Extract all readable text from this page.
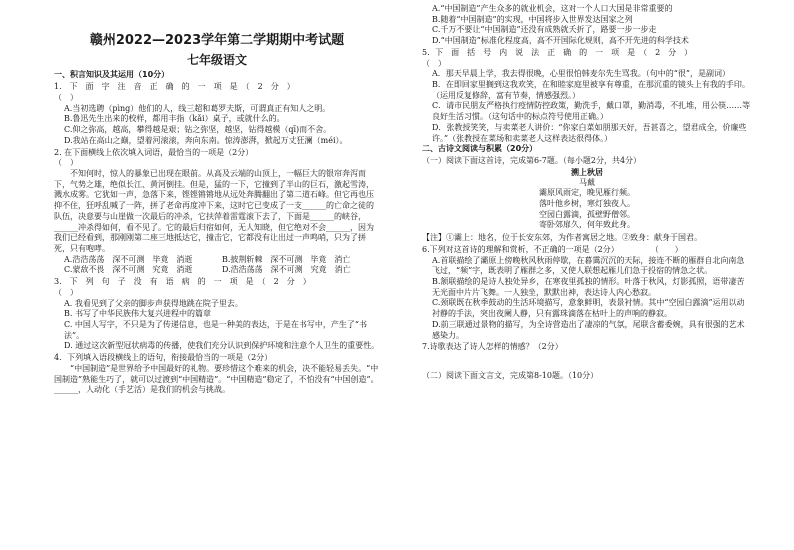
赣州2022—2023学年第二学期期中考试题
七年级语文

一、积言知识及其运用（10分）

1.　下　面　字　注　音　正　确　的　一　项　是　（　2　分　）

（　）

A.当初选聘（pìng）他们的人，线三超和葛罗夫斯，可谓真正有知人之明。

B.鲁迅先生出来的校样，都用丰指（kǎi）桌子，或就什么的。

C.仰之弥高，越高，攀得越是艰；钻之弥坚，越坚，钻得越模（qī)而不舍。

D.我站在高山之巅，望着河滚滚，奔向东南。惊涛澎湃，掀起万丈狂澜（méi）。

2. 在下面横线上依次填入词语，最恰当的一项是（2分）

（　）

不知何时，惊人的暴象已出现在眼前。从高及云端的山顶上，一幅巨大的银帘奔泻而下，气势之雄，绝似长江、黄河倒挂。但是，猛的一下，它撞到了半山的巨石，激起雪涛，溅水成雾。它犹如一声，急落下来，铿铿锵锵地从远处奔腾翻出了第二道石峰。但它再也压抑不住，狂呼乱喊了一阵，拼了老命再度冲下来，这时它已变成了一支______的亡命之徒的队伍，决意要与山崖做一次最后的冲杀，它扶萍着雷霆滚下去了，下面是______的峡谷，______冲杀得如何，看不见了。它的最后归宿如何，无人知晓，但它绝对不会______，因为我们已经看到，那刚刚第二座三地抵达它，撞击它，它都没有让出过一声鸣哨，只为了拼死，只有咆哮。

A.浩浩荡荡　深不可测　毕竟　消逝	B.披荆斩棘　深不可测　毕竟　消亡
C.蒙敌不畏　深不可测　究竟　消逝	D.浩浩荡荡　深不可测　究竟　消亡

3.　下　列　句　子　没　有　语　病　的　一　项　是　（　2　分　）

（　）

A. 我看见到了父亲的脚步声获得地跳在院子里去。

B. 书写了中华民族伟大复兴进程中的篇章

C. 中国人写字，不只是为了传递信息，也是一种美的表达，于是在书写中，产生了“书法”。

D. 通过这次新型冠状病毒的传播，使我们充分认识到保护环境和注意个人卫生的重要性。

4．下列填入语段横线上的语句，衔接最恰当的一项是（2分）

“中国制造”是世界给予中国最好的礼物。要珍惜这个难来的机会，决不能轻易丢失。“中国制造”熟能生巧了，就可以过渡到“中国精造”。“中国精造”稳定了，不怕没有“中国创造”。______，人动化（手艺活）是我们的机会与挑战。

A.“中国制造”产生众多的就业机会，这对一个人口大国是非常重要的

B.随着“中国制造”的实现，中国将步入世界发达国家之列

C.千万不要让“中国制造”还没有成熟就夭折了，路要一步一步走

D.“中国制造”标准化程度高，高不开国际化规则，高不开先进的科学技术

5．下　面　括　号　内　说　法　正　确　的　一　项　是　（　2　分　）

（　）

A．那天早晨上学，我去得很晚，心里很怕韩麦尔先生骂我。（句中的“很”，是副词）

B．在即回家里搁到这我欢笑，在和睦家庭里被享有尊重，在那沉重的镜头上有我的手印。（运用反复修辞，富有节奏，情感强烈。）

C．请市民朋友严格执行疫情防控政策，勤洗手，戴口罩，勤消毒，不扎堆，用公筷……等良好生活习惯。（这句话中的标点符号使用正确。）

D．张教授笑笑，与卖菜老人讲价：“你家白菜如朋那天好，吾甚喜之，望君成全，价廉些许。”（张教授在菜场和卖菜老人这样表达很得体。）

二、古诗文阅读与积累（20分）

（一）阅读下面这首诗，完成第6-7题。（每小题2分，共4分）

溯上秋居

马戴

灞原风雨定，晚见雁行频。

落叶他乡树，寒灯独夜人。

空园白露滴，孤壁野僧邻。

寄卧郊扉久，何年致此身。

【注】①灞上：地名，位于长安东郊，为作者寓居之地。②致身：献身于国君。

6.下列对这首诗的理解和赏析，不正确的一项是（2分）　　　　　（　　）

A.首联描绘了灞原上傍晚秋风秋雨停歇，在暮霭沉沉的天际，接连不断的雁群自北向南急飞过，“频”字，既表明了雁群之多，又使人联想起雁儿们急于投宿的情急之状。

B.颔联描绘的是诗人独处异乡，在寒夜里孤独的情形。叶落于秋风，灯影孤照，语带凄苦无光面中片片飞舞。一人独坐，默默出神，表达诗人内心愁寂。

C.颈联既在秋季鼓动的生活环境描写，意象鲜明，表景衬情。其中“空园白露滴”运用以动衬静的手法，突出夜阑人静，只有露珠滴落在枯叶上的声响的静寂。

D.前三联通过景物的描写，为全诗营造出了凄凉的气氛，尾联含蓄委婉，具有很强的艺术感染力。

7.诗歌表达了诗人怎样的情感？（2分）

（二）阅读下面文言文，完成第8-10题。（10分）
